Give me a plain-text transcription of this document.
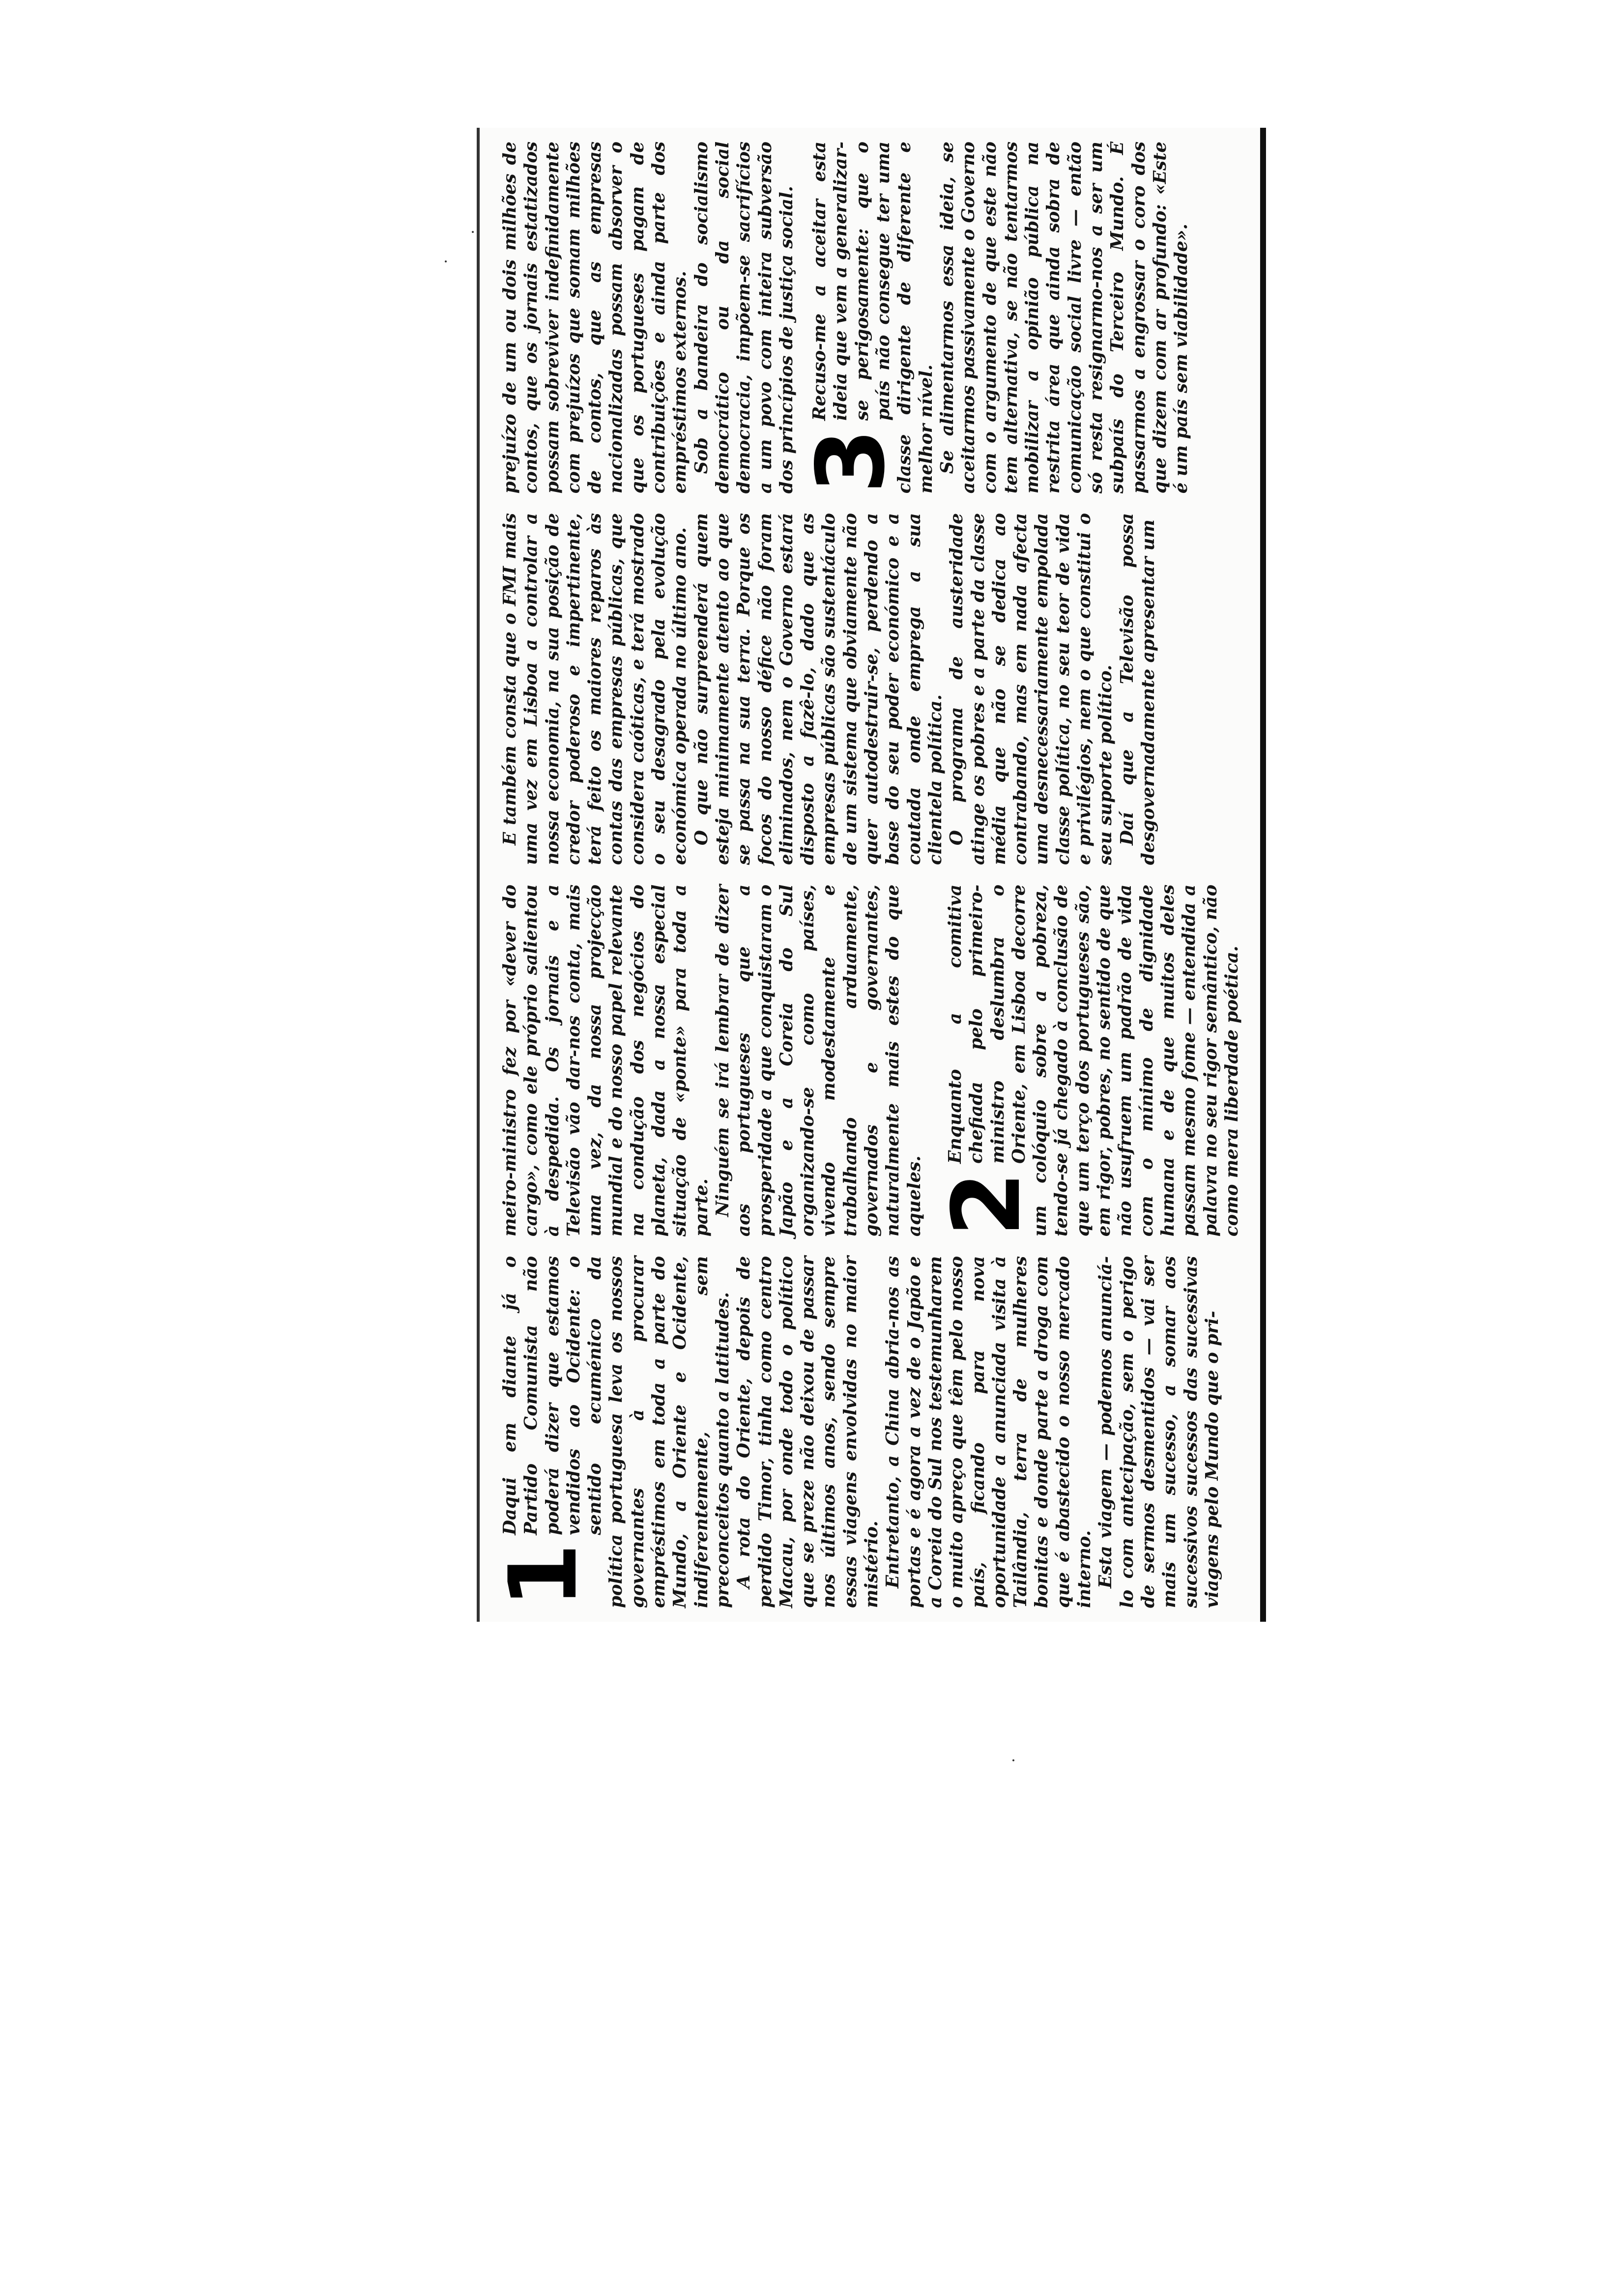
1

Daqui em diante já o Partido Comunista não poderá dizer que estamos vendidos ao Ocidente: o sentido ecuménico da política portuguesa leva os nossos governantes à procurar empréstimos em toda a parte do Mundo, a Oriente e Ocidente, indiferentemente, sem preconceitos quanto a latitudes. A rota do Oriente, depois de perdido Timor, tinha como centro Macau, por onde todo o político que se preze não deixou de passar nos últimos anos, sendo sempre essas viagens envolvidas no maior mistério. Entretanto, a China abria-nos as portas e é agora a vez de o Japão e a Coreia do Sul nos testemunharem o muito apreço que têm pelo nosso país, ficando para nova oportunidade a anunciada visita à Tailândia, terra de mulheres bonitas e donde parte a droga com que é abastecido o nosso mercado interno. Esta viagem — podemos anunciá-lo com antecipação, sem o perigo de sermos desmentidos — vai ser mais um sucesso, a somar aos sucessivos sucessos das sucessivas viagens pelo Mundo que o pri-

meiro-ministro fez por «dever do cargo», como ele próprio salientou à despedida. Os jornais e a Televisão vão dar-nos conta, mais uma vez, da nossa projecção mundial e do nosso papel relevante na condução dos negócios do planeta, dada a nossa especial situação de «ponte» para toda a parte. Ninguém se irá lembrar de dizer aos portugueses que a prosperidade a que conquistaram o Japão e a Coreia do Sul organizando-se como países, vivendo modestamente e trabalhando arduamente, governados e governantes, naturalmente mais estes do que aqueles. 2

Enquanto a comitiva chefiada pelo primeiro-ministro deslumbra o Oriente, em Lisboa decorre um colóquio sobre a pobreza, tendo-se já chegado à conclusão de que um terço dos portugueses são, em rigor, pobres, no sentido de que não usufruem um padrão de vida com o mínimo de dignidade humana e de que muitos deles passam mesmo fome — entendida a palavra no seu rigor semântico, não como mera liberdade poética.

E também consta que o FMI mais uma vez em Lisboa a controlar a nossa economia, na sua posição de credor poderoso e impertinente, terá feito os maiores reparos às contas das empresas públicas, que considera caóticas, e terá mostrado o seu desagrado pela evolução económica operada no último ano. O que não surpreenderá quem esteja minimamente atento ao que se passa na sua terra. Porque os focos do nosso défice não foram eliminados, nem o Governo estará disposto a fazê-lo, dado que as empresas públicas são sustentáculo de um sistema que obviamente não quer autodestruir-se, perdendo a base do seu poder económico e a coutada onde emprega a sua clientela política. O programa de austeridade atinge os pobres e a parte da classe média que não se dedica ao contrabando, mas em nada afecta uma desnecessariamente empolada classe política, no seu teor de vida e privilégios, nem o que constitui o seu suporte político. Daí que a Televisão possa desgovernadamente apresentar um

prejuízo de um ou dois milhões de contos, que os jornais estatizados possam sobreviver indefinidamente com prejuízos que somam milhões de contos, que as empresas nacionalizadas possam absorver o que os portugueses pagam de contribuições e ainda parte dos empréstimos externos. Sob a bandeira do socialismo democrático ou da social democracia, impõem-se sacrifícios a um povo com inteira subversão dos princípios de justiça social. 3

Recuso-me a aceitar esta ideia que vem a generalizar-se perigosamente: que o país não consegue ter uma classe dirigente de diferente e melhor nível. Se alimentarmos essa ideia, se aceitarmos passivamente o Governo com o argumento de que este não tem alternativa, se não tentarmos mobilizar a opinião pública na restrita área que ainda sobra de comunicação social livre — então só resta resignarmo-nos a ser um subpaís do Terceiro Mundo. É passarmos a engrossar o coro dos que dizem com ar profundo: «Este é um país sem viabilidade».
